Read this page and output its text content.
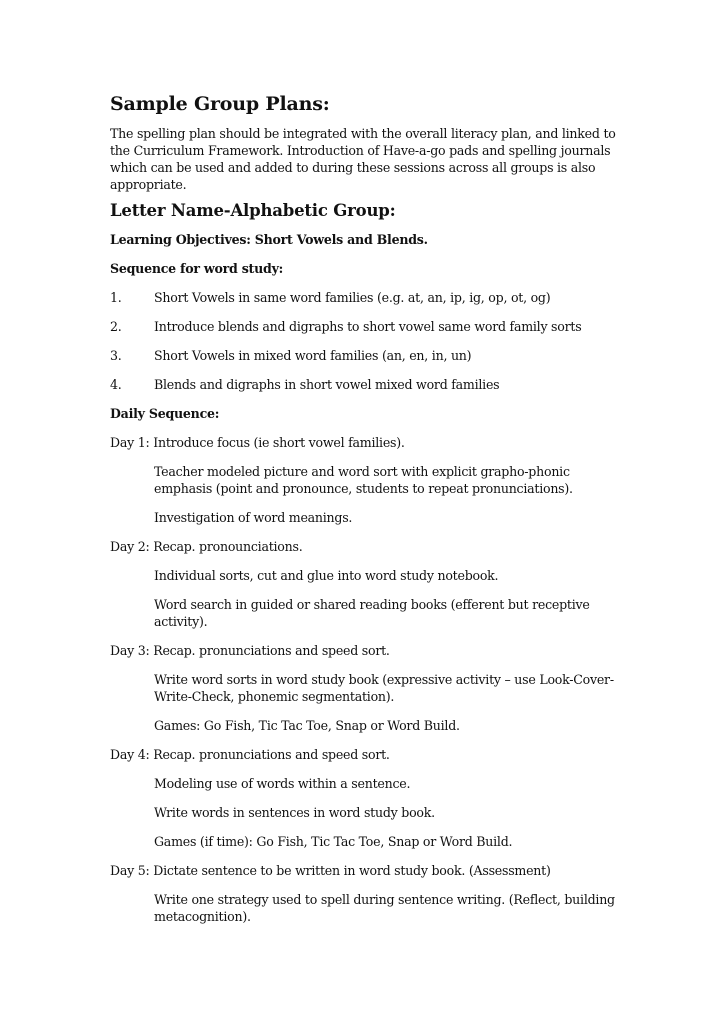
Sample Group Plans:

The spelling plan should be integrated with the overall literacy plan, and linked to the Curriculum Framework. Introduction of Have-a-go pads and spelling journals which can be used and added to during these sessions across all groups is also appropriate.

Letter Name-Alphabetic Group:
Learning Objectives: Short Vowels and Blends.
Sequence for word study:
1.	Short Vowels in same word families (e.g. at, an, ip, ig, op, ot, og)
2.	Introduce blends and digraphs to short vowel same word family sorts
3.	Short Vowels in mixed word families (an, en, in, un)
4.	Blends and digraphs in short vowel mixed word families
Daily Sequence:
Day 1: Introduce focus (ie short vowel families).
Teacher modeled picture and word sort with explicit grapho-phonic emphasis (point and pronounce, students to repeat pronunciations).
Investigation of word meanings.
Day 2: Recap. pronounciations.
Individual sorts, cut and glue into word study notebook.
Word search in guided or shared reading books (efferent but receptive activity).
Day 3: Recap. pronunciations and speed sort.
Write word sorts in word study book (expressive activity – use Look-Cover-Write-Check, phonemic segmentation).
Games: Go Fish, Tic Tac Toe, Snap or Word Build.
Day 4: Recap. pronunciations and speed sort.
Modeling use of words within a sentence.
Write words in sentences in word study book.
Games (if time): Go Fish, Tic Tac Toe, Snap or Word Build.
Day 5: Dictate sentence to be written in word study book. (Assessment)
Write one strategy used to spell during sentence writing. (Reflect, building metacognition).
